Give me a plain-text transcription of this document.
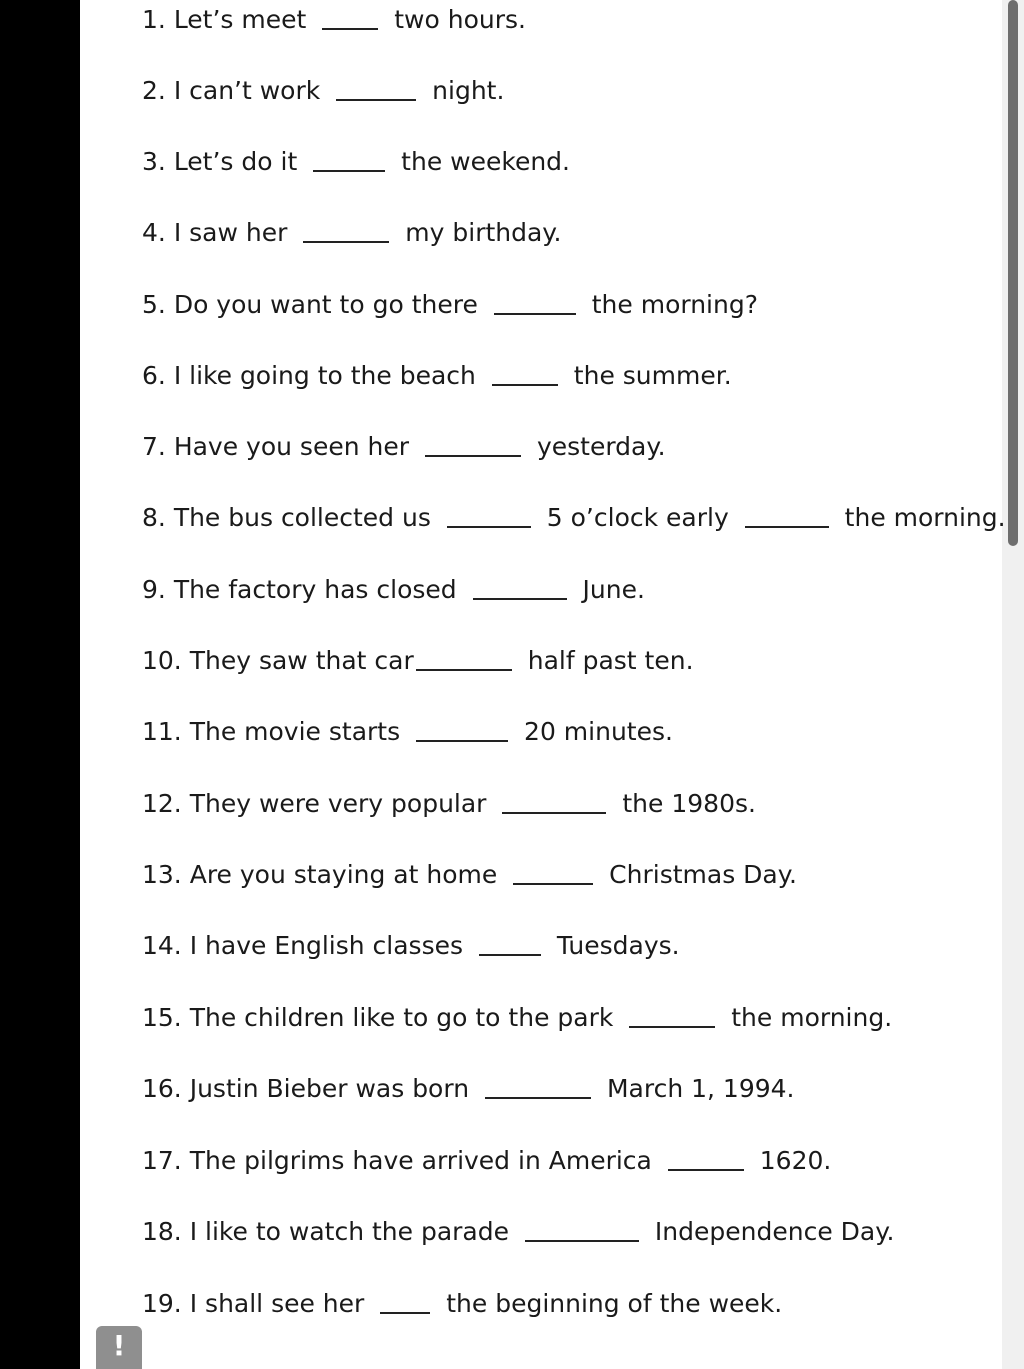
1. Let’s meet	two hours.
2. I can’t work	night.
3. Let’s do it	the weekend.
4. I saw her	my birthday.
5. Do you want to go there	the morning?
6. I like going to the beach	the summer.
7. Have you seen her	yesterday.
8. The bus collected us	5 o’clock early	the morning.
9. The factory has closed	June.
10. They saw that car	half past ten.
11. The movie starts	20 minutes.
12. They were very popular	the 1980s.
13. Are you staying at home	Christmas Day.
14. I have English classes	Tuesdays.
15. The children like to go to the park	the morning.
16. Justin Bieber was born	March 1, 1994.
17. The pilgrims have arrived in America	1620.
18. I like to watch the parade	Independence Day.
19. I shall see her	the beginning of the week.
!
